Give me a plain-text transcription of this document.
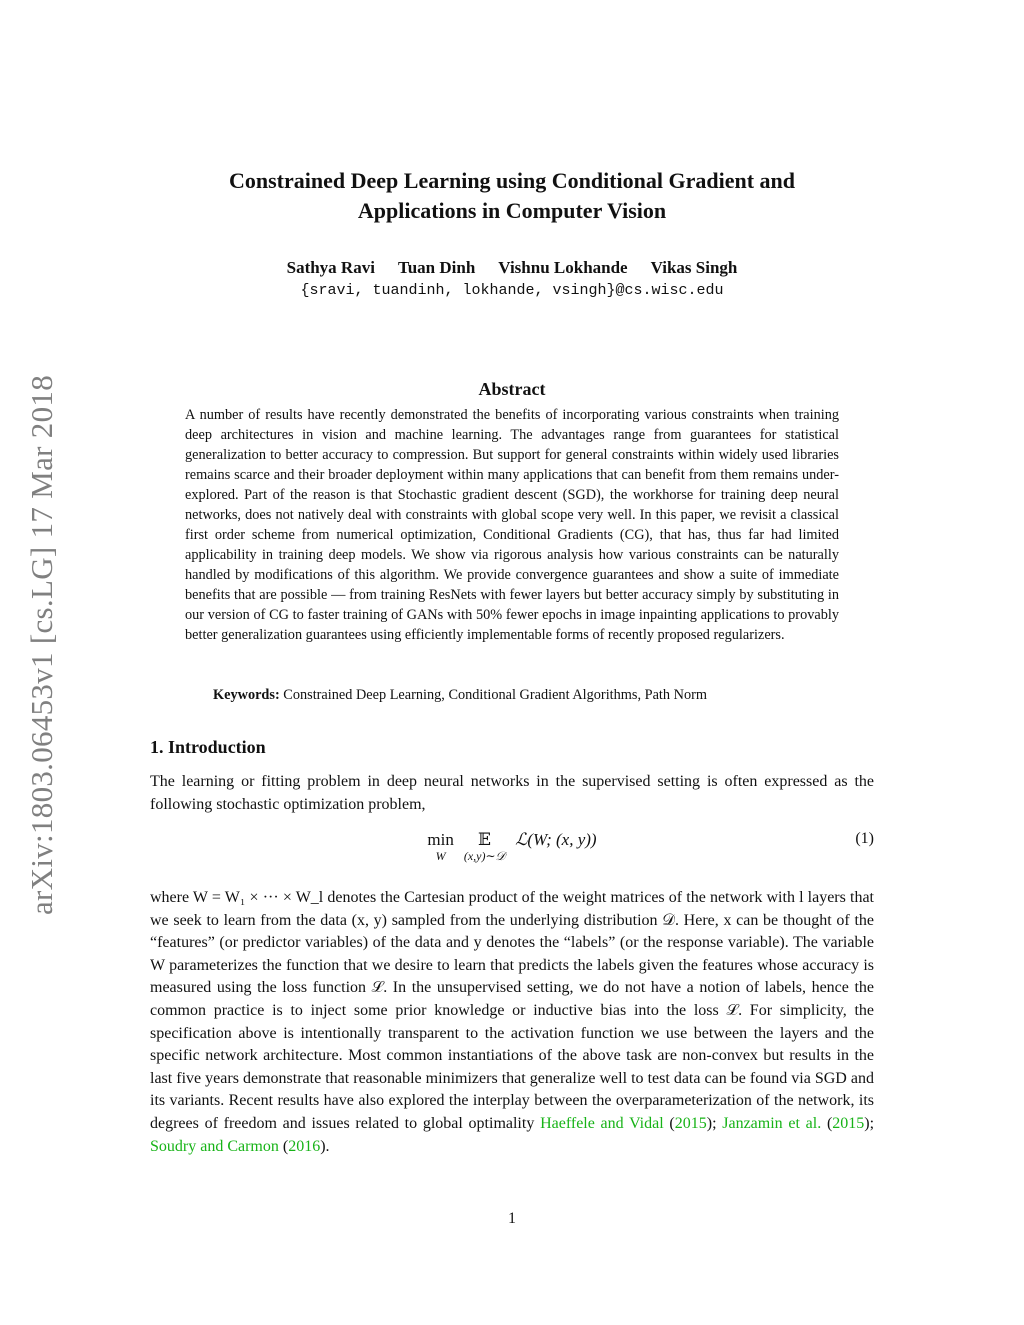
arXiv:1803.06453v1 [cs.LG] 17 Mar 2018
Constrained Deep Learning using Conditional Gradient and
Applications in Computer Vision
Sathya Ravi Tuan Dinh Vishnu Lokhande Vikas Singh
{sravi, tuandinh, lokhande, vsingh}@cs.wisc.edu
Abstract
A number of results have recently demonstrated the benefits of incorporating various constraints when training deep architectures in vision and machine learning. The advantages range from guarantees for statistical generalization to better accuracy to compression. But support for general constraints within widely used libraries remains scarce and their broader deployment within many applications that can benefit from them remains under-explored. Part of the reason is that Stochastic gradient descent (SGD), the workhorse for training deep neural networks, does not natively deal with constraints with global scope very well. In this paper, we revisit a classical first order scheme from numerical optimization, Conditional Gradients (CG), that has, thus far had limited applicability in training deep models. We show via rigorous analysis how various constraints can be naturally handled by modifications of this algorithm. We provide convergence guarantees and show a suite of immediate benefits that are possible — from training ResNets with fewer layers but better accuracy simply by substituting in our version of CG to faster training of GANs with 50% fewer epochs in image inpainting applications to provably better generalization guarantees using efficiently implementable forms of recently proposed regularizers.
Keywords: Constrained Deep Learning, Conditional Gradient Algorithms, Path Norm
1. Introduction
The learning or fitting problem in deep neural networks in the supervised setting is often expressed as the following stochastic optimization problem,
min
W
𝔼
(x,y)∼𝒟
ℒ(W; (x, y))	(1)
where W = W₁ × ··· × W_l denotes the Cartesian product of the weight matrices of the network with l layers that we seek to learn from the data (x, y) sampled from the underlying distribution 𝒟. Here, x can be thought of the “features” (or predictor variables) of the data and y denotes the “labels” (or the response variable). The variable W parameterizes the function that we desire to learn that predicts the labels given the features whose accuracy is measured using the loss function ℒ. In the unsupervised setting, we do not have a notion of labels, hence the common practice is to inject some prior knowledge or inductive bias into the loss ℒ. For simplicity, the specification above is intentionally transparent to the activation function we use between the layers and the specific network architecture. Most common instantiations of the above task are non-convex but results in the last five years demonstrate that reasonable minimizers that generalize well to test data can be found via SGD and its variants. Recent results have also explored the interplay between the overparameterization of the network, its degrees of freedom and issues related to global optimality Haeffele and Vidal (2015); Janzamin et al. (2015); Soudry and Carmon (2016).
1
